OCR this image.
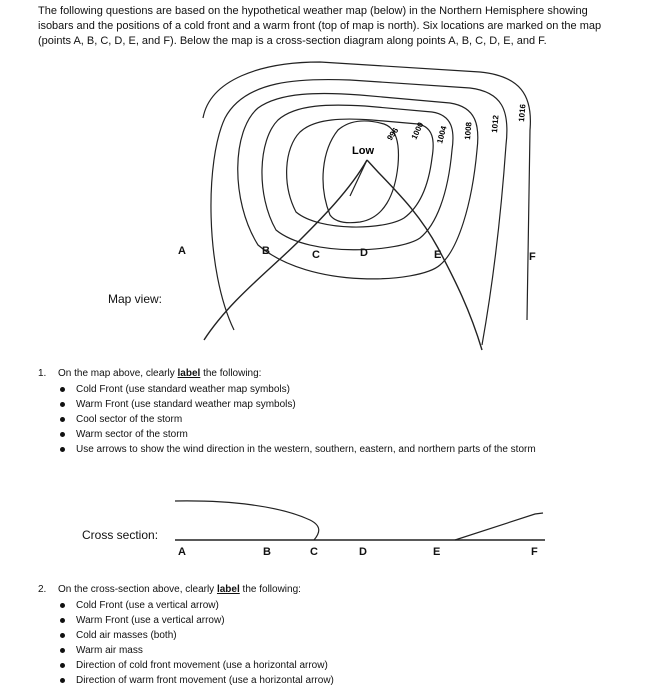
The following questions are based on the hypothetical weather map (below) in the Northern Hemisphere showing isobars and the positions of a cold front and a warm front (top of map is north). Six locations are marked on the map (points A, B, C, D, E, and F). Below the map is a cross-section diagram along points A, B, C, D, E, and F.
996 1000 1004 1008 1012
1016
Low
A	B	C	D	E	F
Map view:
1. On the map above, clearly label the following:
Cold Front (use standard weather map symbols)
Warm Front (use standard weather map symbols)
Cool sector of the storm
Warm sector of the storm
Use arrows to show the wind direction in the western, southern, eastern, and northern parts of the storm
Cross section:
A	B	C	D	E	F
2. On the cross-section above, clearly label the following:
Cold Front (use a vertical arrow)
Warm Front (use a vertical arrow)
Cold air masses (both)
Warm air mass
Direction of cold front movement (use a horizontal arrow)
Direction of warm front movement (use a horizontal arrow)
